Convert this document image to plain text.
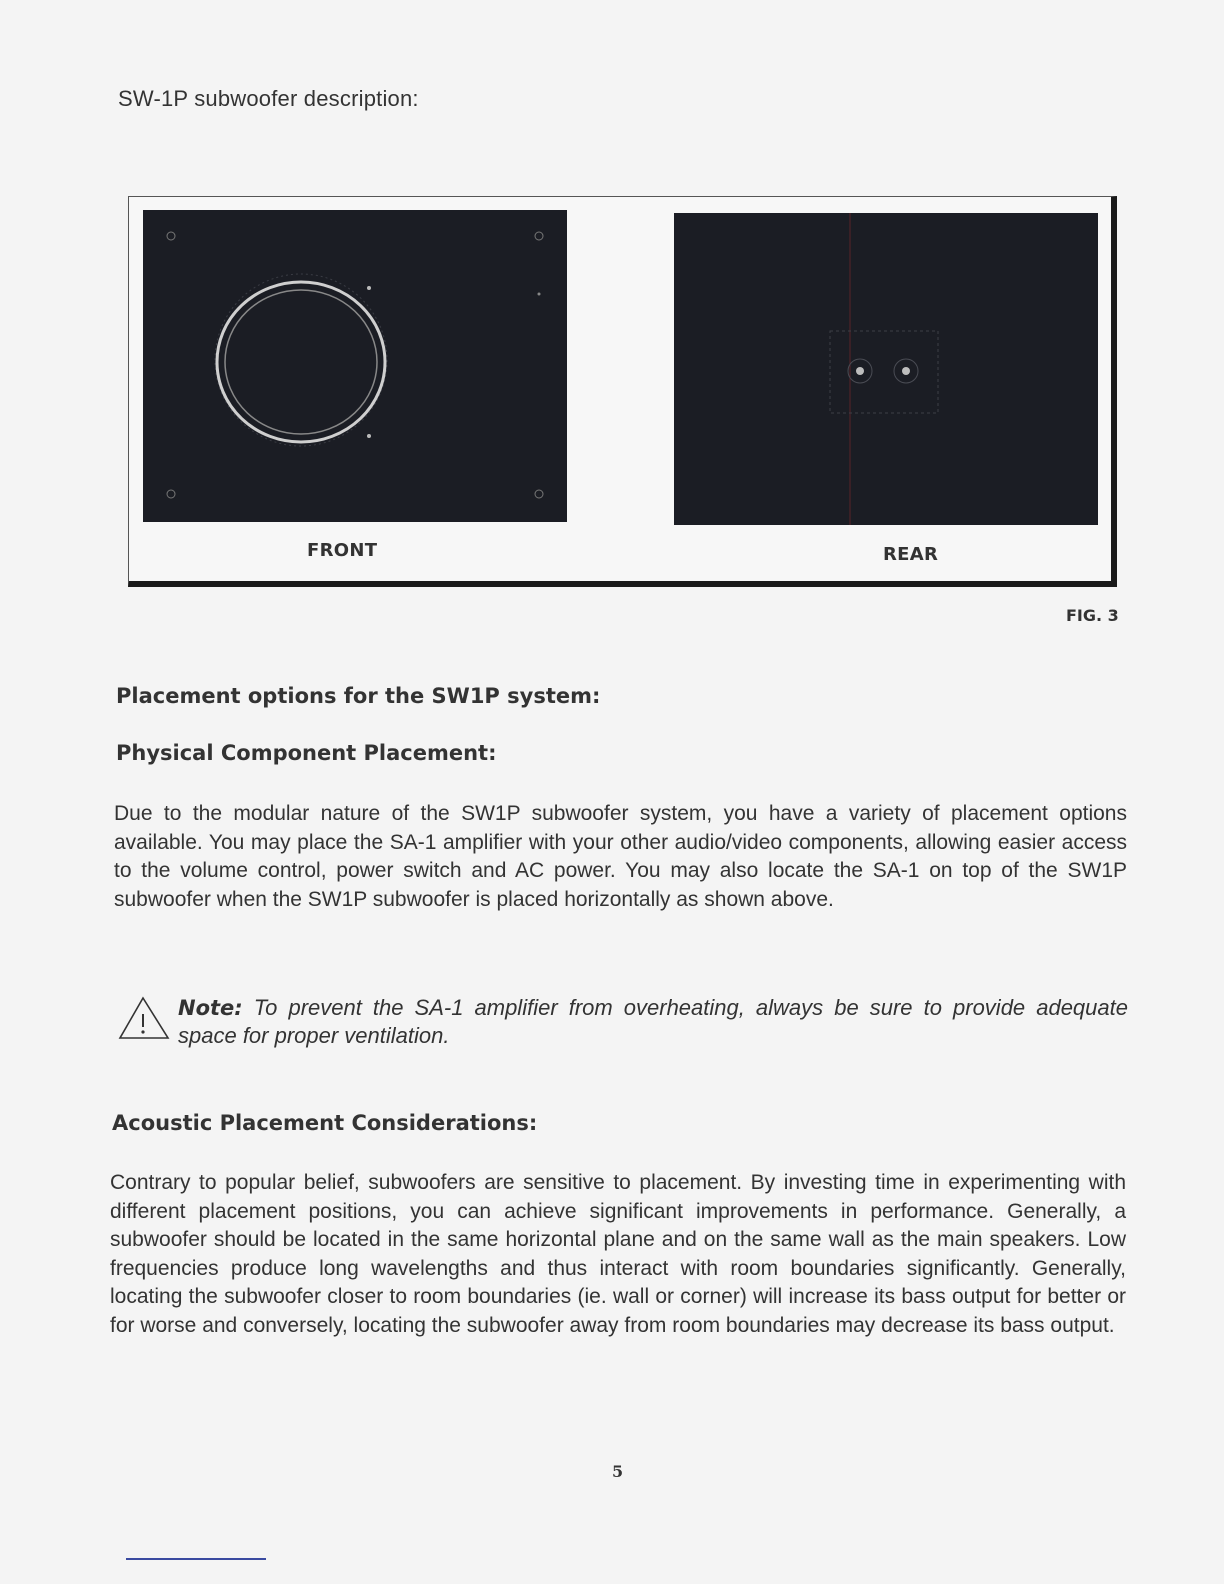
SW-1P subwoofer description:
FRONT	REAR
FIG. 3
Placement options for the SW1P system:
Physical Component Placement:
Due to the modular nature of the SW1P subwoofer system, you have a variety of placement options available. You may place the SA-1 amplifier with your other audio/video components, allowing easier access to the volume control, power switch and AC power. You may also locate the SA-1 on top of the SW1P subwoofer when the SW1P subwoofer is placed horizontally as shown above.
Note: To prevent the SA-1 amplifier from overheating, always be sure to provide adequate space for proper ventilation.
Acoustic Placement Considerations:
Contrary to popular belief, subwoofers are sensitive to placement. By investing time in experimenting with different placement positions, you can achieve significant improvements in performance. Generally, a subwoofer should be located in the same horizontal plane and on the same wall as the main speakers. Low frequencies produce long wavelengths and thus interact with room boundaries significantly. Generally, locating the subwoofer closer to room boundaries (ie. wall or corner) will increase its bass output for better or for worse and conversely, locating the subwoofer away from room boundaries may decrease its bass output.
5
